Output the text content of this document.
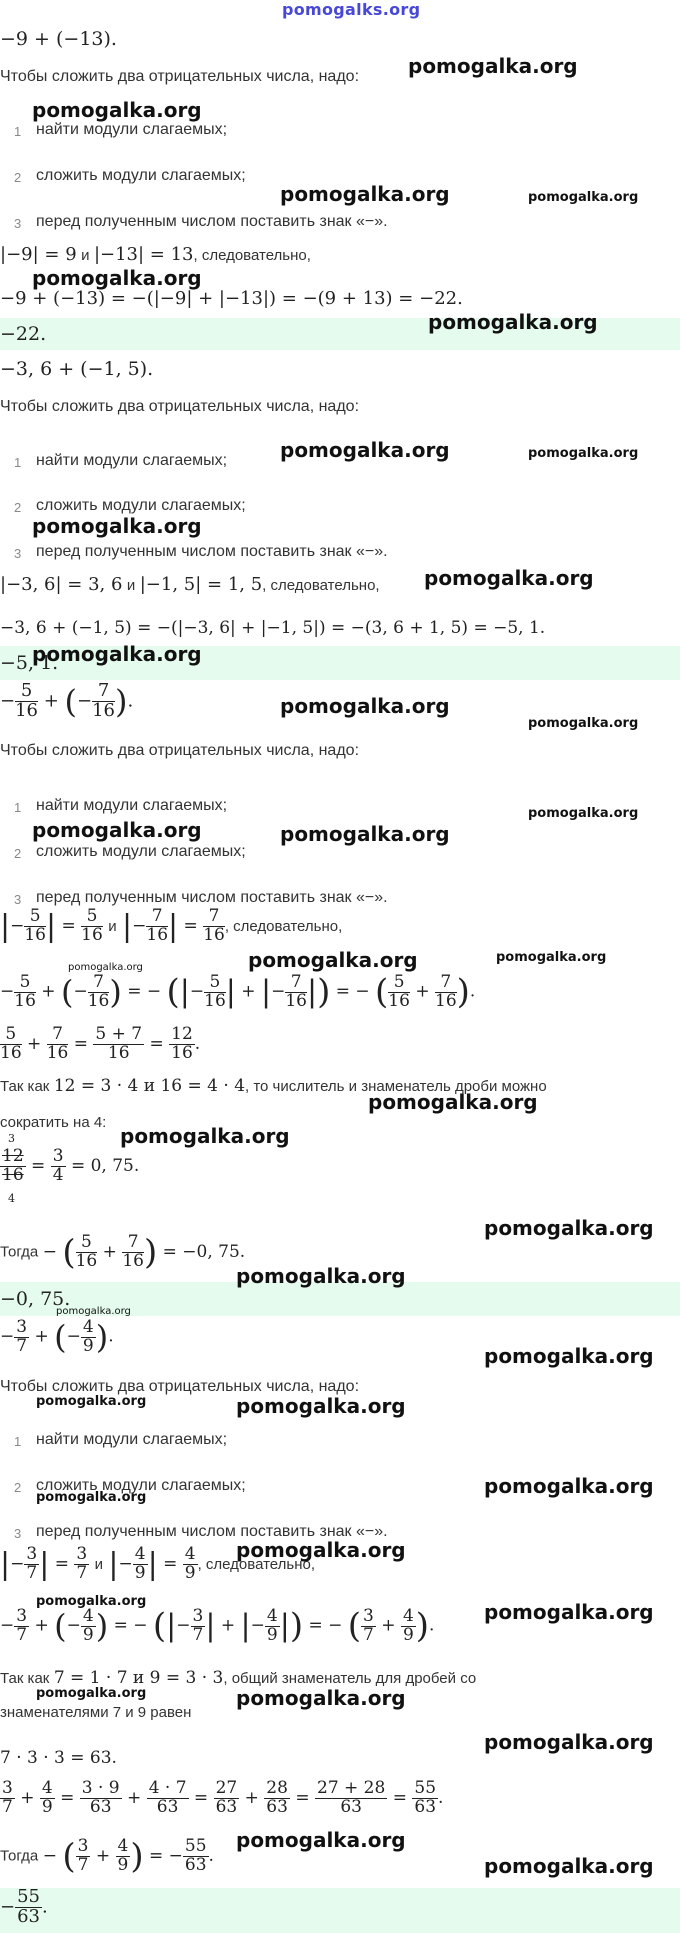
pomogalks.org
−9 + (−13).
Чтобы сложить два отрицательных числа, надо:
1 найти модули слагаемых;
2 сложить модули слагаемых;
3 перед полученным числом поставить знак «−».
|−9| = 9 и |−13| = 13, следовательно,
−9 + (−13) = −(|−9| + |−13|) = −(9 + 13) = −22.
−22.
−3, 6 + (−1, 5).
Чтобы сложить два отрицательных числа, надо:
1 найти модули слагаемых;
2 сложить модули слагаемых;
3 перед полученным числом поставить знак «−».
|−3, 6| = 3, 6 и |−1, 5| = 1, 5, следовательно,
−3, 6 + (−1, 5) = −(|−3, 6| + |−1, 5|) = −(3, 6 + 1, 5) = −5, 1.
−5, 1.
− $\frac{5}{16}$ + (− $\frac{7}{16}$ ).
Чтобы сложить два отрицательных числа, надо:
1 найти модули слагаемых;
2 сложить модули слагаемых;
3 перед полученным числом поставить знак «−».
|− $\frac{5}{16}$ | = $\frac{5}{16}$ и |− $\frac{7}{16}$ | = $\frac{7}{16}$ , следовательно,
− $\frac{5}{16}$ + (− $\frac{7}{16}$ ) = − (|− $\frac{5}{16}$ | + |− $\frac{7}{16}$ |) = − ( $\frac{5}{16} + \frac{7}{16}$ ).
$\frac{5}{16} + \frac{7}{16} = \frac{5 + 7}{16} = \frac{12}{16}$ .
Так как 12 = 3 · 4 и 16 = 4 · 4, то числитель и знаменатель дроби можно
сократить на 4:
3
$\frac{12}{16}$
4
= $\frac{3}{4} = 0$, 75.
Тогда − ( $\frac{5}{16} + \frac{7}{16}$ ) = −0, 75.
−0, 75.
− $\frac{3}{7}$ + (− $\frac{4}{9}$ ).
Чтобы сложить два отрицательных числа, надо:
1 найти модули слагаемых;
2 сложить модули слагаемых;
3 перед полученным числом поставить знак «−».
|− $\frac{3}{7}$ | = $\frac{3}{7}$ и |− $\frac{4}{9}$ | = $\frac{4}{9}$ , следовательно,
− $\frac{3}{7}$ + (− $\frac{4}{9}$ ) = − (|− $\frac{3}{7}$ | + |− $\frac{4}{9}$ |) = − ( $\frac{3}{7} + \frac{4}{9}$ ).
Так как 7 = 1 · 7 и 9 = 3 · 3, общий знаменатель для дробей со
знаменателями 7 и 9 равен
7 · 3 · 3 = 63.
$\frac{3}{7} + \frac{4}{9} = \frac{3 \cdot 9}{63} + \frac{4 \cdot 7}{63} = \frac{27}{63} + \frac{28}{63} = \frac{27 + 28}{63} = \frac{55}{63}$ .
Тогда − ( $\frac{3}{7} + \frac{4}{9}$ ) = − $\frac{55}{63}$ .
− $\frac{55}{63}$ .
pomogalka.org
pomogalka.org
pomogalka.org	pomogalka.org
pomogalka.org
pomogalka.org
pomogalka.org	pomogalka.org
pomogalka.org
pomogalka.org
pomogalka.org
pomogalka.org
pomogalka.org
pomogalka.org
pomogalka.org	pomogalka.org
pomogalka.org	pomogalka.org	pomogalka.org
pomogalka.org
pomogalka.org
pomogalka.org
pomogalka.org
pomogalka.org
pomogalka.org
pomogalka.org	pomogalka.org
pomogalka.org
pomogalka.org
pomogalka.org
pomogalka.org	pomogalka.org
pomogalka.org	pomogalka.org
pomogalka.org
pomogalka.org
pomogalka.org
